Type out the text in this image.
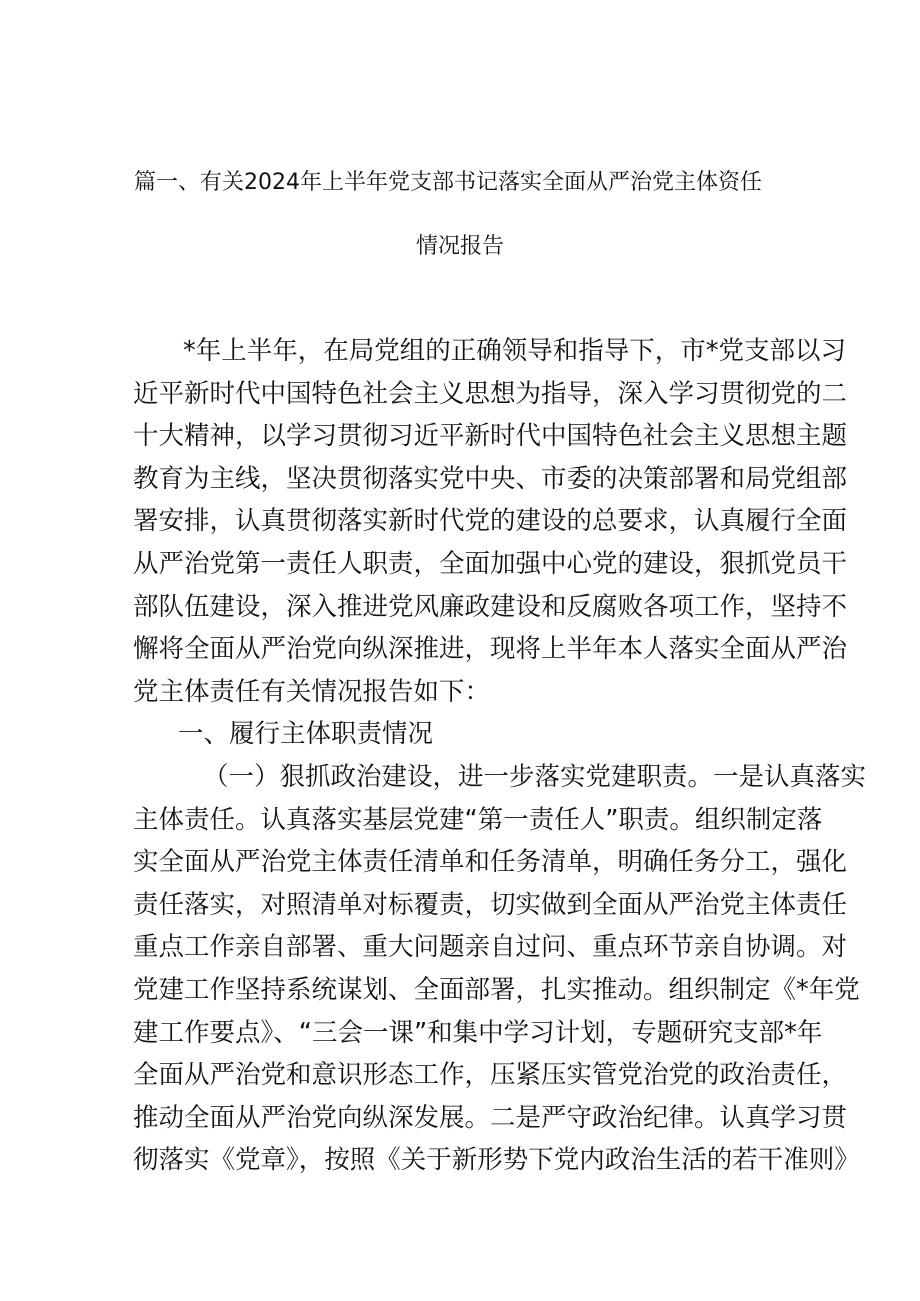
篇一、有关2024年上半年党支部书记落实全面从严治党主体资任
情况报告
*年上半年，在局党组的正确领导和指导下，市*党支部以习
近平新时代中国特色社会主义思想为指导，深入学习贯彻党的二
十大精神，以学习贯彻习近平新时代中国特色社会主义思想主题
教育为主线，坚决贯彻落实党中央、市委的决策部署和局党组部
署安排，认真贯彻落实新时代党的建设的总要求，认真履行全面
从严治党第一责任人职责，全面加强中心党的建设，狠抓党员干
部队伍建设，深入推进党风廉政建设和反腐败各项工作，坚持不
懈将全面从严治党向纵深推进，现将上半年本人落实全面从严治
党主体责任有关情况报告如下：
一、履行主体职责情况
（一）狠抓政治建设，进一步落实党建职责。一是认真落实
主体责任。认真落实基层党建“第一责任人”职责。组织制定落
实全面从严治党主体责任清单和任务清单，明确任务分工，强化
责任落实，对照清单对标覆责，切实做到全面从严治党主体责任
重点工作亲自部署、重大问题亲自过问、重点环节亲自协调。对
党建工作坚持系统谋划、全面部署，扎实推动。组织制定《*年党
建工作要点》、“三会一课”和集中学习计划，专题研究支部*年
全面从严治党和意识形态工作，压紧压实管党治党的政治责任，
推动全面从严治党向纵深发展。二是严守政治纪律。认真学习贯
彻落实《党章》，按照《关于新形势下党内政治生活的若干准则》
